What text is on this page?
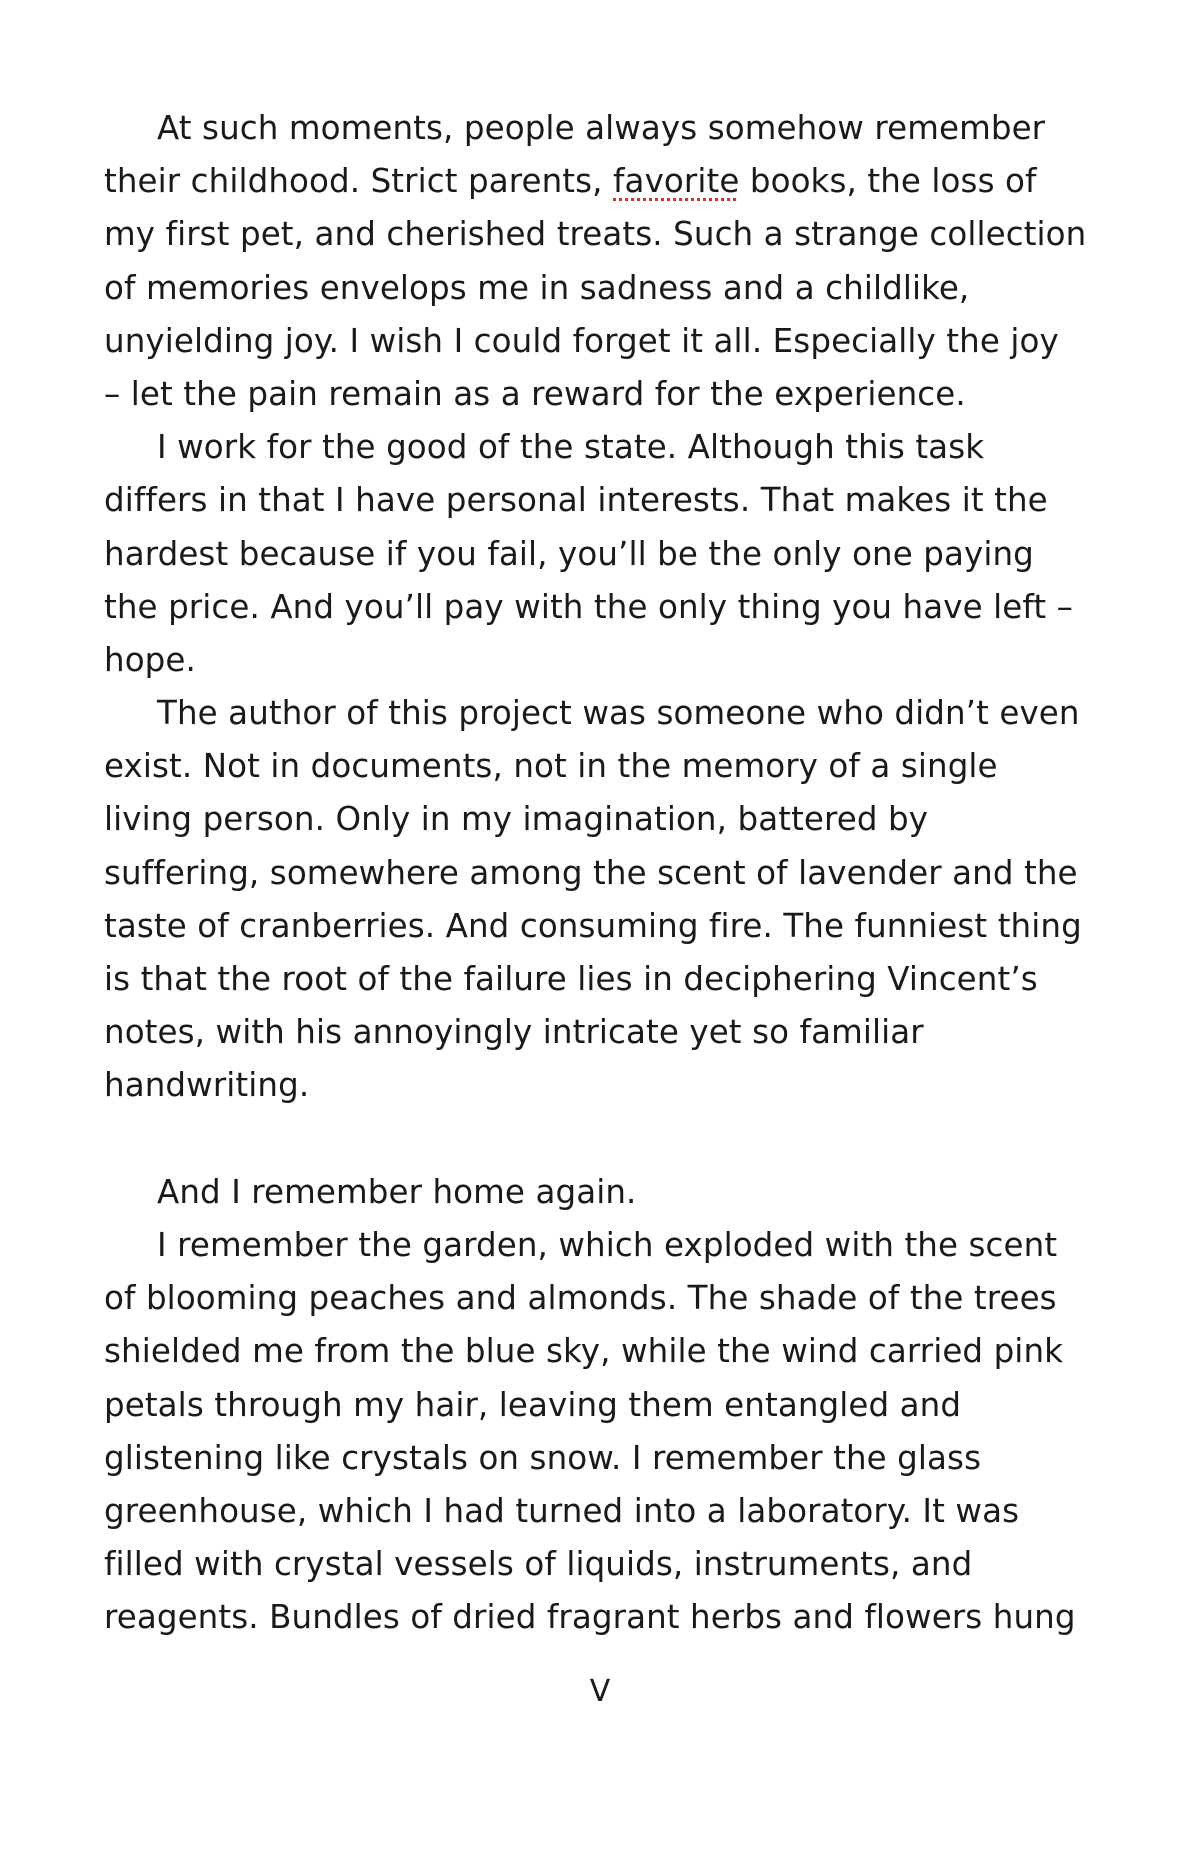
At such moments, people always somehow remember
their childhood. Strict parents, favorite books, the loss of
my first pet, and cherished treats. Such a strange collection
of memories envelops me in sadness and a childlike,
unyielding joy. I wish I could forget it all. Especially the joy
– let the pain remain as a reward for the experience.
I work for the good of the state. Although this task
differs in that I have personal interests. That makes it the
hardest because if you fail, you’ll be the only one paying
the price. And you’ll pay with the only thing you have left –
hope.
The author of this project was someone who didn’t even
exist. Not in documents, not in the memory of a single
living person. Only in my imagination, battered by
suffering, somewhere among the scent of lavender and the
taste of cranberries. And consuming fire. The funniest thing
is that the root of the failure lies in deciphering Vincent’s
notes, with his annoyingly intricate yet so familiar
handwriting.
And I remember home again.
I remember the garden, which exploded with the scent
of blooming peaches and almonds. The shade of the trees
shielded me from the blue sky, while the wind carried pink
petals through my hair, leaving them entangled and
glistening like crystals on snow. I remember the glass
greenhouse, which I had turned into a laboratory. It was
filled with crystal vessels of liquids, instruments, and
reagents. Bundles of dried fragrant herbs and flowers hung
V
